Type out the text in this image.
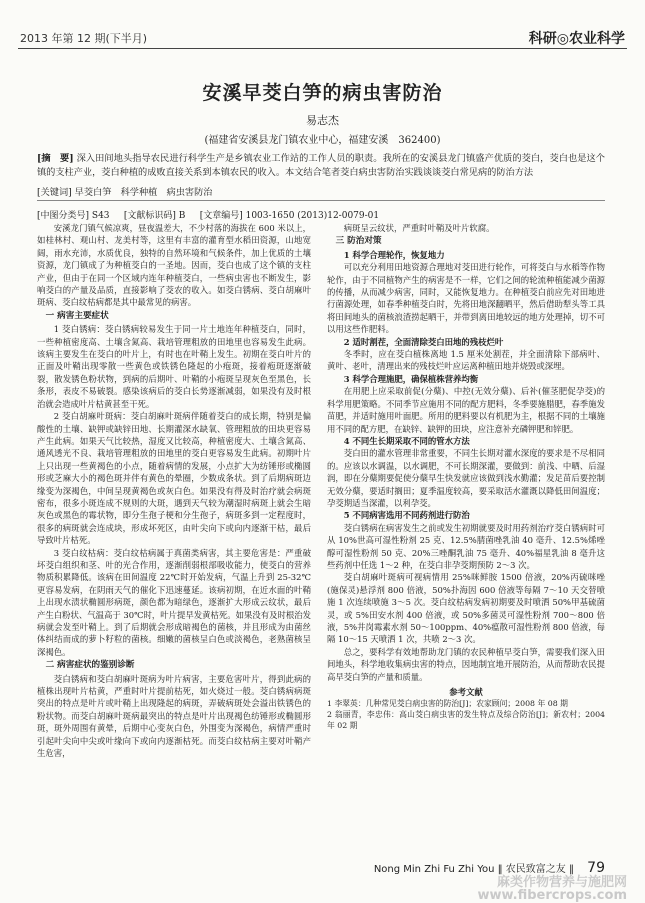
2013 年第 12 期(下半月)	科研◎农业科学
安溪早茭白笋的病虫害防治
易志杰
(福建省安溪县龙门镇农业中心，福建安溪　362400)
[摘　要] 深入田间地头指导农民进行科学生产是乡镇农业工作站的工作人员的职责。我所在的安溪县龙门镇盛产优质的茭白，茭白也是这个镇的支柱产业，茭白种植的成败直接关系到本镇农民的收入。本文结合笔者茭白病虫害防治实践谈谈茭白常见病的防治方法
[关键词] 早茭白笋　科学种植　病虫害防治
[中图分类号] S43 [文献标识码] B [文章编号] 1003-1650 (2013)12-0079-01

安溪龙门镇气候凉爽，昼夜温差大，不少村落的海拔在 600 米以上，如桂林村、观山村、龙美村等，这里有丰富的灌育型水稻田资源，山地宽阔，雨水充沛，水质优良，独特的自然环境和气候条件，加上优质的土壤资源，龙门镇成了为种植茭白的一圣地。因而，茭白也成了这个镇的支柱产业，但由于在同一个区域内连年种植茭白，一些病虫害也不断发生，影响茭白的产量及品质，直接影响了茭农的收入。如茭白锈病、茭白胡麻叶斑病、茭白纹枯病都是其中最常见的病害。

一 病害主要症状

1 茭白锈病：茭白锈病较易发生于同一片土地连年种植茭白，同时，一些种植密度高、土壤含氮高、栽培管理粗放的田地里也容易发生此病。该病主要发生在茭白的叶片上，有时也在叶鞘上发生。初期在茭白叶片的正面及叶鞘出现零散一些黄色或铁锈色隆起的小疱斑，接着疱斑逐渐破裂，散发锈色粉状物，到病的后期叶、叶鞘的小疱斑呈现灰色至黑色，长条形，表皮不易破裂。感染该病后的茭白长势逐渐减弱，如果没有及时根治就会造成叶片枯黄甚至干死。

2 茭白胡麻叶斑病：茭白胡麻叶斑病伴随着茭白的成长期，特别是偏酸性的土壤、缺钾或缺锌田地、长期灌深水缺氧、管理粗放的田块更容易产生此病。如果天气比较热，湿度又比较高，种植密度大、土壤含氮高、通风透光不良、栽培管理粗放的田地里的茭白更容易发生此病。初期叶片上只出现一些黄褐色的小点，随着病情的发展，小点扩大为纺锤形或椭圆形或芝麻大小的褐色斑并伴有黄色的晕圈，少数成条状。到了后期病斑边缘变为深褐色，中间呈现黄褐色或灰白色。如果没有得及时治疗就会病斑密布，很多小斑连成不规则的大斑，遇到天气较为潮湿时病斑上就会生暗灰色或黑色的霉状物，即分生孢子梗和分生孢子，病斑多到一定程度时，很多的病斑就会连成块，形成坏死区，由叶尖向下或向内逐渐干枯，最后导致叶片枯死。

3 茭白纹枯病：茭白纹枯病属于真菌类病害，其主要危害是：严重破坏茭白组织和茎、叶的光合作用，逐渐削弱根部吸收能力，使茭白的营养物质积累降低。该病在田间温度 22℃时开始发病，气温上升到 25-32℃更容易发病，在阴雨天气的催化下迅速蔓延。该病初期，在近水面的叶鞘上出现水渍状椭圆形病斑，颜色都为暗绿色，逐渐扩大形成云纹状，最后产生白粉状、气温高于 30℃时，叶片提早发黄枯死。如果没有及时根治发病就会发至叶鞘上。到了后期就会形成暗褐色的菌核，并且形成为由菌丝体纠结而成的萝卜籽粒的菌核。细嫩的菌核呈白色或淡褐色，老熟菌核呈深褐色。

二 病害症状的鉴别诊断

茭白锈病和茭白胡麻叶斑病为叶片病害，主要危害叶片，得到此病的植株出现叶片枯黄，严重时叶片提前枯死，如火烧过一般。茭白锈病病斑突出的特点是叶片或叶鞘上出现隆起的病斑，弄破病斑处会溢出铁锈色的粉状物。而茭白胡麻叶斑病最突出的特点是叶片出现褐色纺锤形或椭圆形斑，斑外周围有黄晕，后期中心变灰白色，外围变为深褐色，病情严重时引起叶尖向中尖或叶缘向下或向内逐渐枯死。而茭白纹枯病主要对叶鞘产生危害，

病斑呈云纹状，严重时叶鞘及叶片软腐。

三 防治对策
1 科学合理轮作，恢复地力

可以充分利用田地资源合理地对茭田进行轮作，可将茭白与水稻等作物轮作，由于不同植物产生的病害是不一样，它们之间的轮流种植能减少菌源的传播，从而减少病害，同时，又能恢复地力。在种植茭白前应先对田地进行菌源处理，如春季种植茭白时，先将田地深翻晒平，然后借助犁头等工具将田间地头的菌核浪渣捞起晒干，并带到离田地较远的地方处理掉，切不可以用这些作肥料。

2 适时割茬，全面清除茭白田地的残枝烂叶

冬季时，应在茭白植株离地 1.5 厘米处割茬，并全面清除下部病叶、黄叶、老叶，清理出来的残枝烂叶应运离种植田地并烧毁或深埋。

3 科学合理施肥，确保植株营养均衡

在用肥上应采取前促(分蘖)、中控(无效分蘖)、后补(催茎肥促孕茭)的科学用肥策略。不同季节应施用不同的配方肥料，冬季要施腊肥，春季施发苗肥，并适时施用叶面肥。所用的肥料要以有机肥为主，根据不同的土壤施用不同的配方肥，在缺锌、缺钾的田块，应注意补充磷钾肥和锌肥。

4 不同生长期采取不同的管水方法

茭白田的灌水管理非常重要，不同生长期对灌水深度的要求是不尽相同的。应该以水调温，以水调肥，不可长期深灌，要做到：前浅、中晒、后湿润，即在分蘖期要促使分蘖早生快发就应该做到浅水勤灌；发足苗后要控制无效分蘖，要适时搁田；夏季温度较高，要采取活水灌溉以降低田间温度；孕茭期适当深灌，以利孕茭。

5 不同病害选用不同药剂进行防治

茭白锈病在病害发生之前或发生初期就要及时用药剂治疗茭白锈病时可从 10%世高可湿性粉剂 25 克、12.5%腈菌唑乳油 40 毫升、12.5%烯唑醇可湿性粉剂 50 克、20%三唑酮乳油 75 毫升、40%福星乳油 8 毫升这些药剂中任选 1～2 种，在茭白非孕茭期预防 2～3 次。

茭白胡麻叶斑病可视病情用 25%咪鲜胺 1500 倍液，20%丙硫咪唑(施保灵)悬浮剂 800 倍液，50%扑海因 600 倍液等每隔 7～10 天交替喷施 1 次连续喷施 3～5 次。茭白纹枯病发病初期要及时喷洒 50%甲基硫菌灵，或 5%田安水剂 400 倍液，或 50%多菌灵可湿性粉剂 700～800 倍液，5%井岗霉素水剂 50～100ppm、40%瘟散可湿性粉剂 800 倍液，每隔 10～15 天喷洒 1 次，共喷 2～3 次。

总之，要科学有效地帮助龙门镇的农民种植早茭白笋，需要我们深入田间地头，科学地收集病虫害的特点，因地制宜地开展防治，从而帮助农民提高早茭白笋的产量和质量。

参考文献

1 李翠英：几种常见茭白病虫害的防治[J]；农家顾问；2008 年 08 期

2 翁丽青，李忠伟：高山茭白病虫害的发生特点及综合防治[J]；新农村；2004 年 02 期

Nong Min Zhi Fu Zhi You ‖ 农民致富之友 ‖ 79
麻类作物营养与施肥网
www.fibercrops.com
